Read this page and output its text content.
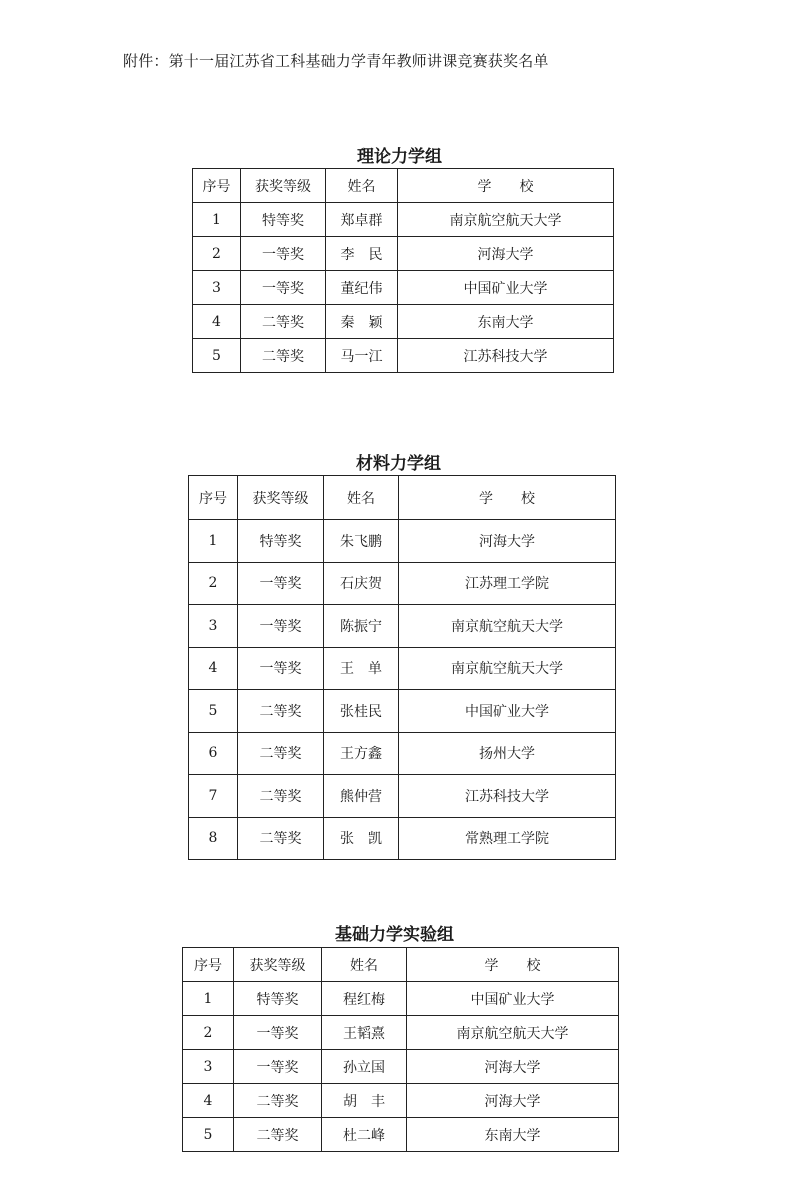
附件：第十一届江苏省工科基础力学青年教师讲课竞赛获奖名单
理论力学组
序号	获奖等级	姓名	学　　校
1	特等奖	郑卓群	南京航空航天大学
2	一等奖	李　民	河海大学
3	一等奖	董纪伟	中国矿业大学
4	二等奖	秦　颖	东南大学
5	二等奖	马一江	江苏科技大学
材料力学组
序号	获奖等级	姓名	学　　校
1	特等奖	朱飞鹏	河海大学
2	一等奖	石庆贺	江苏理工学院
3	一等奖	陈振宁	南京航空航天大学
4	一等奖	王　单	南京航空航天大学
5	二等奖	张桂民	中国矿业大学
6	二等奖	王方鑫	扬州大学
7	二等奖	熊仲营	江苏科技大学
8	二等奖	张　凯	常熟理工学院
基础力学实验组
序号	获奖等级	姓名	学　　校
1	特等奖	程红梅	中国矿业大学
2	一等奖	王韬熹	南京航空航天大学
3	一等奖	孙立国	河海大学
4	二等奖	胡　丰	河海大学
5	二等奖	杜二峰	东南大学
